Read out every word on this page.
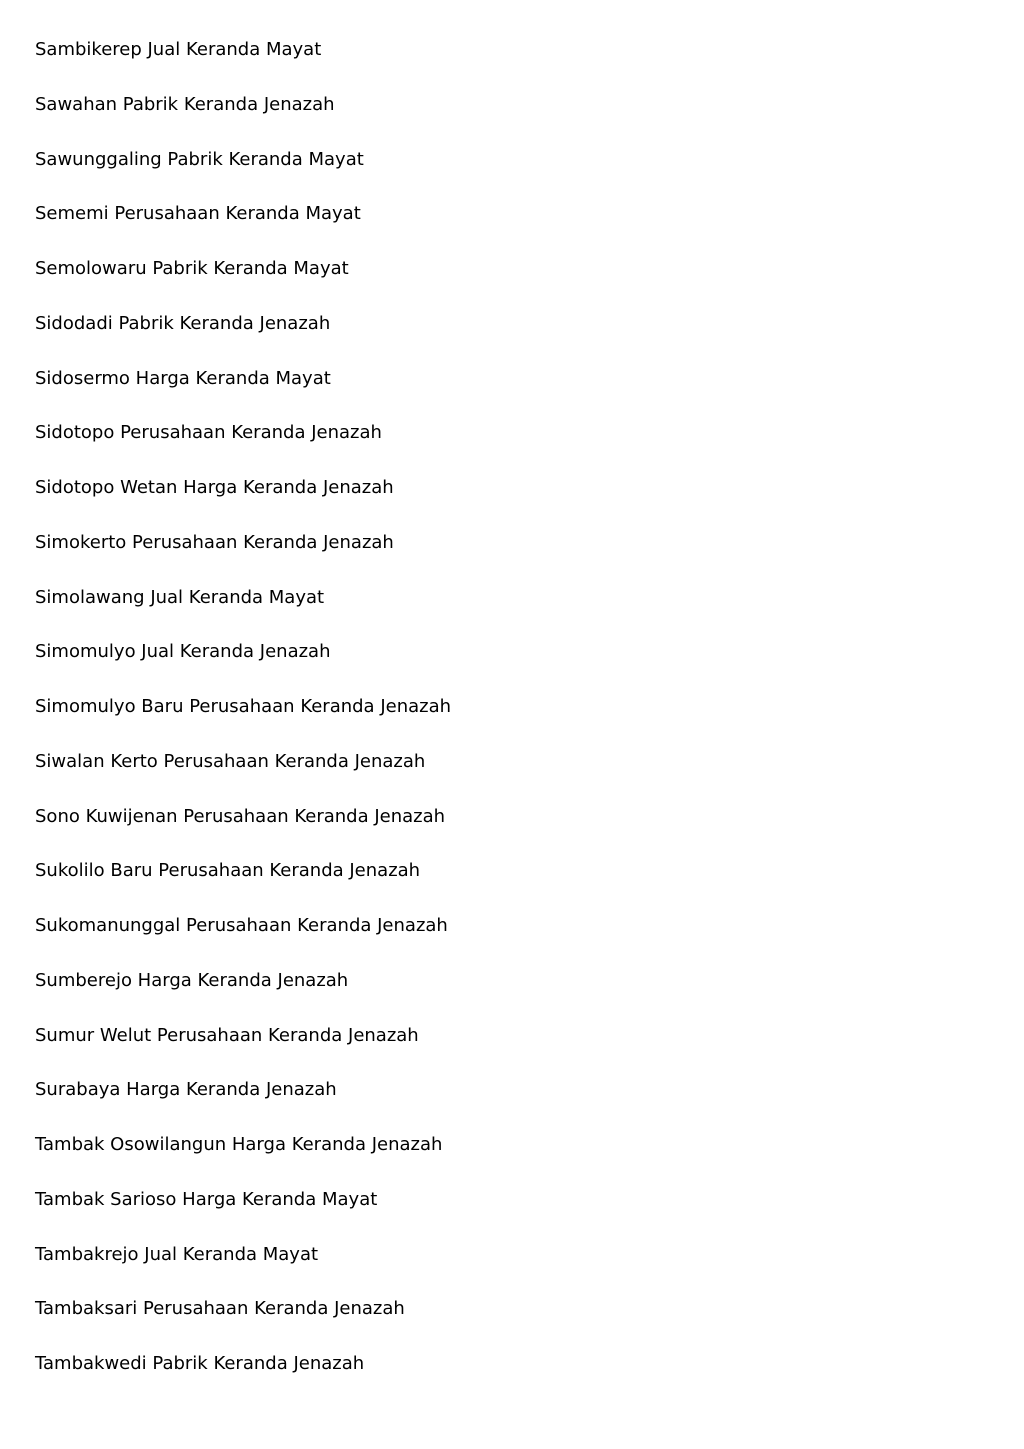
Sambikerep Jual Keranda Mayat
Sawahan Pabrik Keranda Jenazah
Sawunggaling Pabrik Keranda Mayat
Sememi Perusahaan Keranda Mayat
Semolowaru Pabrik Keranda Mayat
Sidodadi Pabrik Keranda Jenazah
Sidosermo Harga Keranda Mayat
Sidotopo Perusahaan Keranda Jenazah
Sidotopo Wetan Harga Keranda Jenazah
Simokerto Perusahaan Keranda Jenazah
Simolawang Jual Keranda Mayat
Simomulyo Jual Keranda Jenazah
Simomulyo Baru Perusahaan Keranda Jenazah
Siwalan Kerto Perusahaan Keranda Jenazah
Sono Kuwijenan Perusahaan Keranda Jenazah
Sukolilo Baru Perusahaan Keranda Jenazah
Sukomanunggal Perusahaan Keranda Jenazah
Sumberejo Harga Keranda Jenazah
Sumur Welut Perusahaan Keranda Jenazah
Surabaya Harga Keranda Jenazah
Tambak Osowilangun Harga Keranda Jenazah
Tambak Sarioso Harga Keranda Mayat
Tambakrejo Jual Keranda Mayat
Tambaksari Perusahaan Keranda Jenazah
Tambakwedi Pabrik Keranda Jenazah
